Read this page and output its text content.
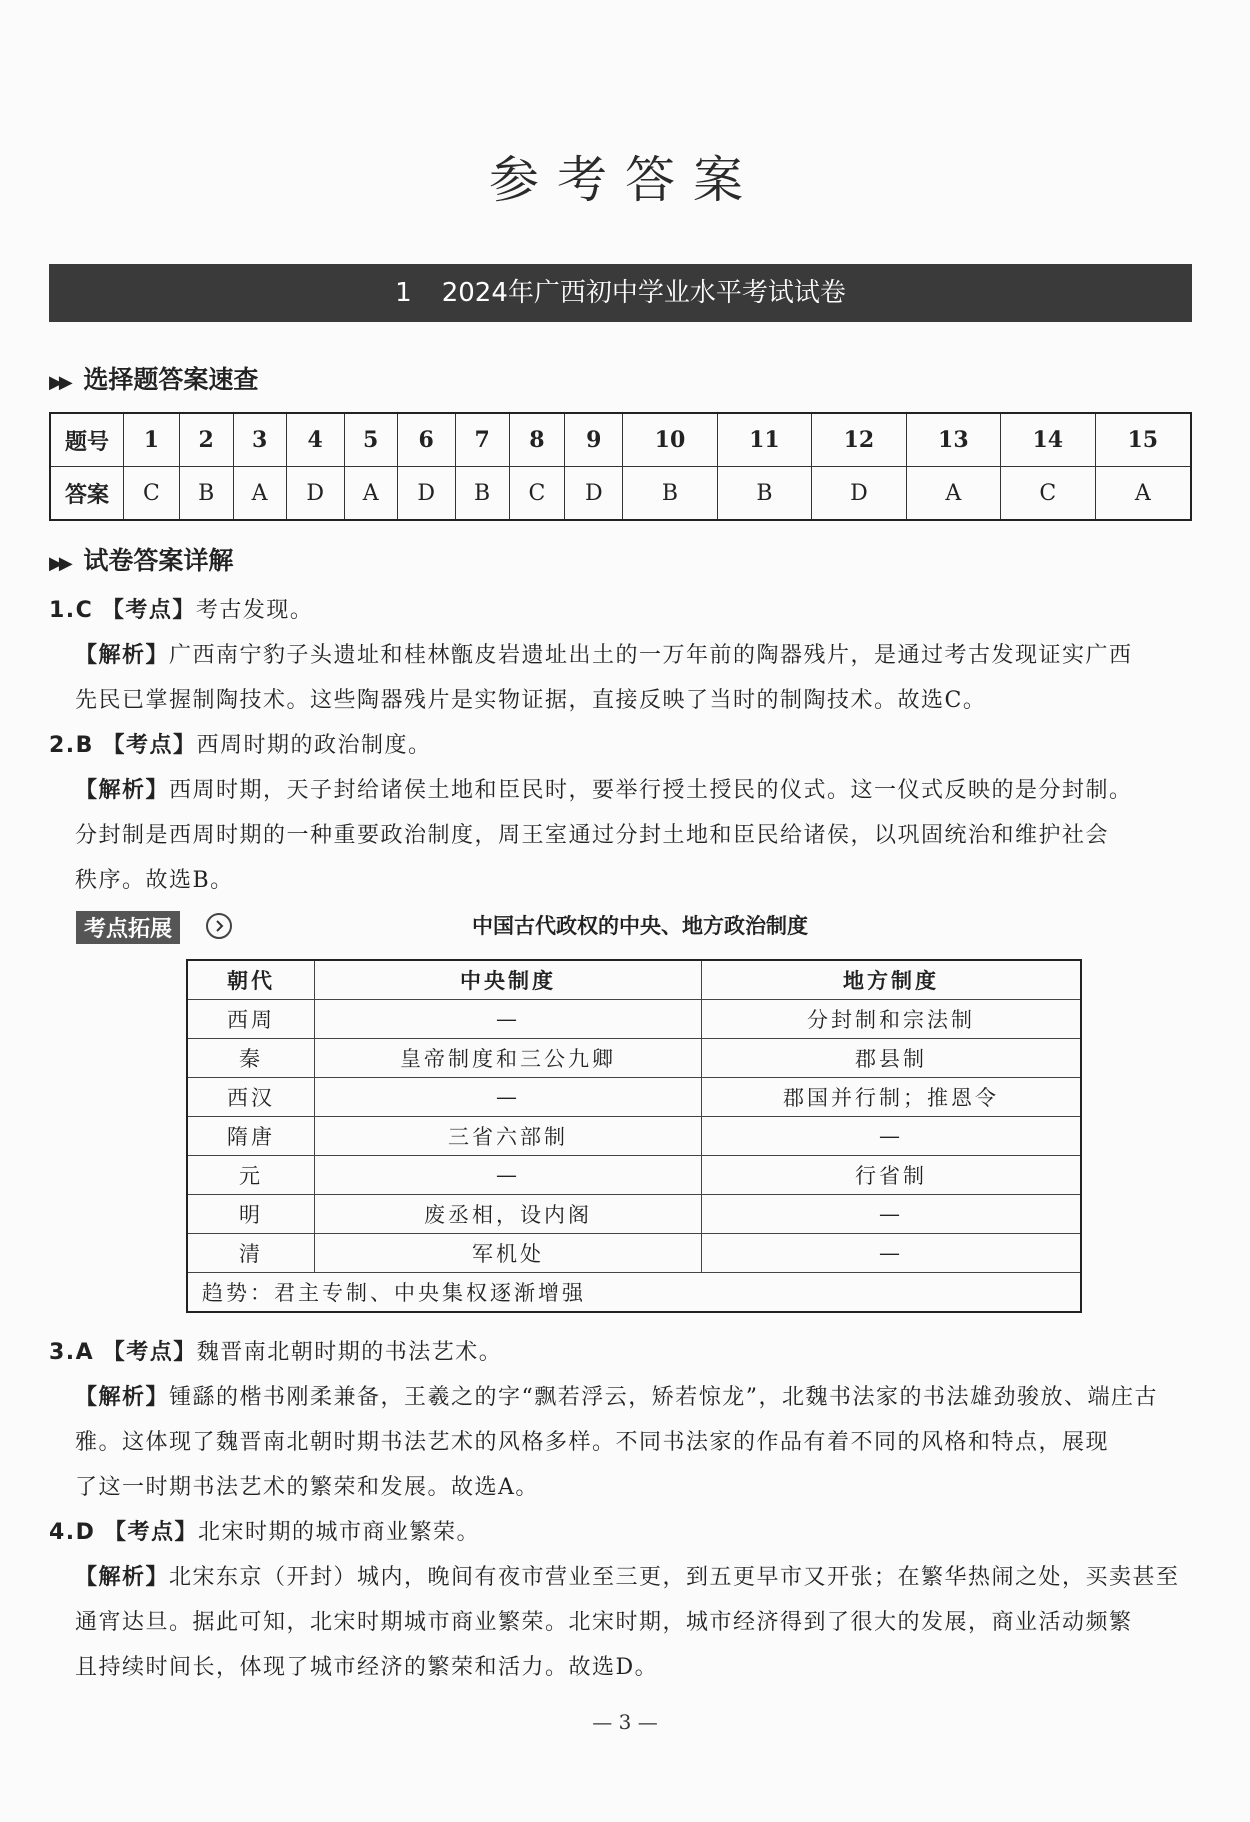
参考答案
1 2024年广西初中学业水平考试试卷
▶▶ 选择题答案速查
题号	1	2	3	4	5	6	7	8	9	10	11	12	13	14	15
答案	C	B	A	D	A	D	B	C	D	B	B	D	A	C	A
▶▶ 试卷答案详解
1.C 【考点】考古发现。
【解析】广西南宁豹子头遗址和桂林甑皮岩遗址出土的一万年前的陶器残片，是通过考古发现证实广西
先民已掌握制陶技术。这些陶器残片是实物证据，直接反映了当时的制陶技术。故选C。
2.B 【考点】西周时期的政治制度。
【解析】西周时期，天子封给诸侯土地和臣民时，要举行授土授民的仪式。这一仪式反映的是分封制。
分封制是西周时期的一种重要政治制度，周王室通过分封土地和臣民给诸侯，以巩固统治和维护社会
秩序。故选B。
考点拓展	中国古代政权的中央、地方政治制度
朝代	中央制度	地方制度
西周	—	分封制和宗法制
秦	皇帝制度和三公九卿	郡县制
西汉	—	郡国并行制；推恩令
隋唐	三省六部制	—
元	—	行省制
明	废丞相，设内阁	—
清	军机处	—
趋势：君主专制、中央集权逐渐增强		
3.A 【考点】魏晋南北朝时期的书法艺术。
【解析】锺繇的楷书刚柔兼备，王羲之的字“飘若浮云，矫若惊龙”，北魏书法家的书法雄劲骏放、端庄古
雅。这体现了魏晋南北朝时期书法艺术的风格多样。不同书法家的作品有着不同的风格和特点，展现
了这一时期书法艺术的繁荣和发展。故选A。
4.D 【考点】北宋时期的城市商业繁荣。
【解析】北宋东京（开封）城内，晚间有夜市营业至三更，到五更早市又开张；在繁华热闹之处，买卖甚至
通宵达旦。据此可知，北宋时期城市商业繁荣。北宋时期，城市经济得到了很大的发展，商业活动频繁
且持续时间长，体现了城市经济的繁荣和活力。故选D。
— 3 —
